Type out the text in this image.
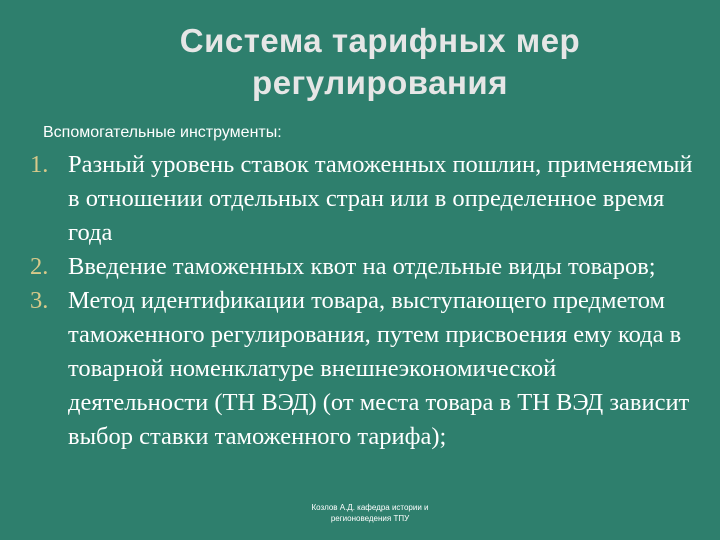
Система тарифных мер
регулирования
Вспомогательные инструменты:
1. Разный уровень ставок таможенных пошлин, применяемый в отношении отдельных стран или в определенное время года
2. Введение таможенных квот на отдельные виды товаров;
3. Метод идентификации товара, выступающего предметом таможенного регулирования, путем присвоения ему кода в товарной номенклатуре внешнеэкономической деятельности (ТН ВЭД) (от места товара в ТН ВЭД зависит выбор ставки таможенного тарифа);
Козлов А.Д. кафедра истории и
регионоведения ТПУ
